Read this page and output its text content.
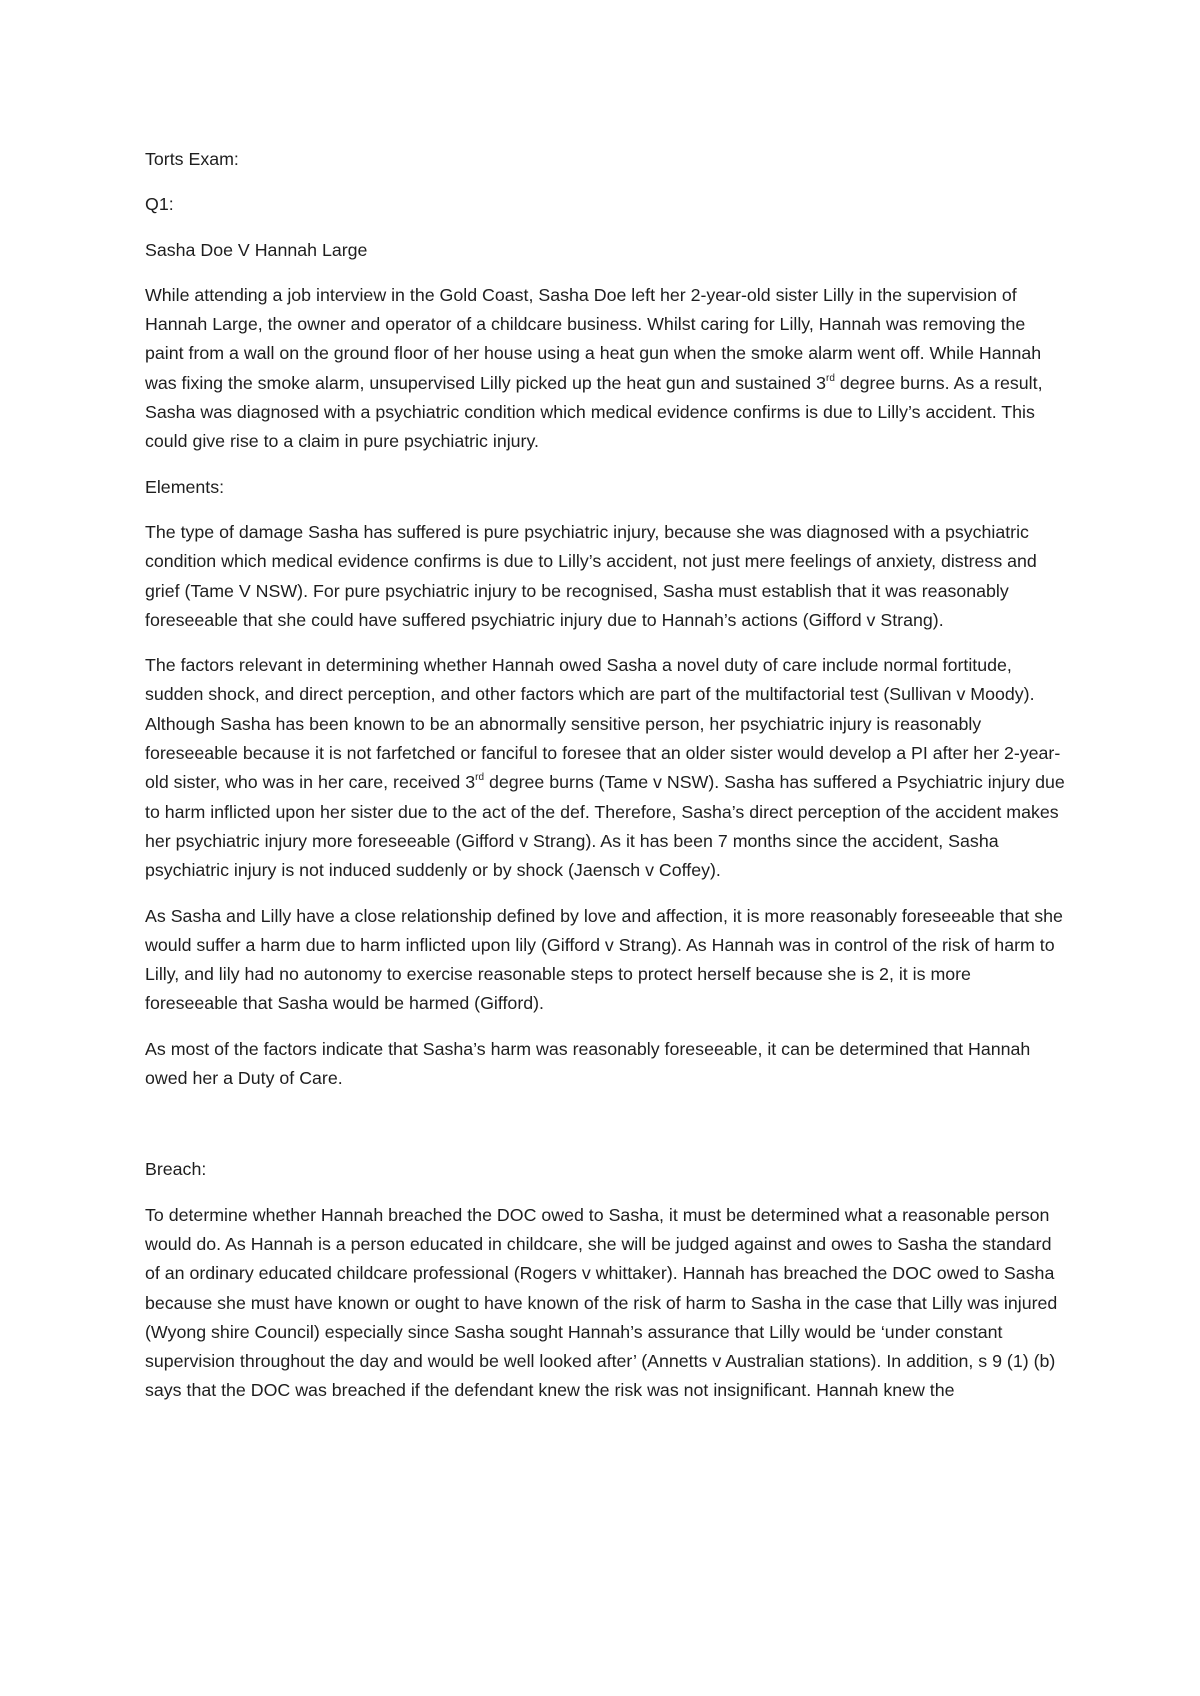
Torts Exam:

Q1:

Sasha Doe V Hannah Large

While attending a job interview in the Gold Coast, Sasha Doe left her 2-year-old sister Lilly in the supervision of Hannah Large, the owner and operator of a childcare business. Whilst caring for Lilly, Hannah was removing the paint from a wall on the ground floor of her house using a heat gun when the smoke alarm went off. While Hannah was fixing the smoke alarm, unsupervised Lilly picked up the heat gun and sustained 3rd degree burns. As a result, Sasha was diagnosed with a psychiatric condition which medical evidence confirms is due to Lilly’s accident. This could give rise to a claim in pure psychiatric injury.

Elements:

The type of damage Sasha has suffered is pure psychiatric injury, because she was diagnosed with a psychiatric condition which medical evidence confirms is due to Lilly’s accident, not just mere feelings of anxiety, distress and grief (Tame V NSW). For pure psychiatric injury to be recognised, Sasha must establish that it was reasonably foreseeable that she could have suffered psychiatric injury due to Hannah’s actions (Gifford v Strang).

The factors relevant in determining whether Hannah owed Sasha a novel duty of care include normal fortitude, sudden shock, and direct perception, and other factors which are part of the multifactorial test (Sullivan v Moody). Although Sasha has been known to be an abnormally sensitive person, her psychiatric injury is reasonably foreseeable because it is not farfetched or fanciful to foresee that an older sister would develop a PI after her 2-year-old sister, who was in her care, received 3rd degree burns (Tame v NSW). Sasha has suffered a Psychiatric injury due to harm inflicted upon her sister due to the act of the def. Therefore, Sasha’s direct perception of the accident makes her psychiatric injury more foreseeable (Gifford v Strang). As it has been 7 months since the accident, Sasha psychiatric injury is not induced suddenly or by shock (Jaensch v Coffey).

As Sasha and Lilly have a close relationship defined by love and affection, it is more reasonably foreseeable that she would suffer a harm due to harm inflicted upon lily (Gifford v Strang). As Hannah was in control of the risk of harm to Lilly, and lily had no autonomy to exercise reasonable steps to protect herself because she is 2, it is more foreseeable that Sasha would be harmed (Gifford).

As most of the factors indicate that Sasha’s harm was reasonably foreseeable, it can be determined that Hannah owed her a Duty of Care.

Breach:

To determine whether Hannah breached the DOC owed to Sasha, it must be determined what a reasonable person would do. As Hannah is a person educated in childcare, she will be judged against and owes to Sasha the standard of an ordinary educated childcare professional (Rogers v whittaker). Hannah has breached the DOC owed to Sasha because she must have known or ought to have known of the risk of harm to Sasha in the case that Lilly was injured (Wyong shire Council) especially since Sasha sought Hannah’s assurance that Lilly would be ‘under constant supervision throughout the day and would be well looked after’ (Annetts v Australian stations). In addition, s 9 (1) (b) says that the DOC was breached if the defendant knew the risk was not insignificant. Hannah knew the
